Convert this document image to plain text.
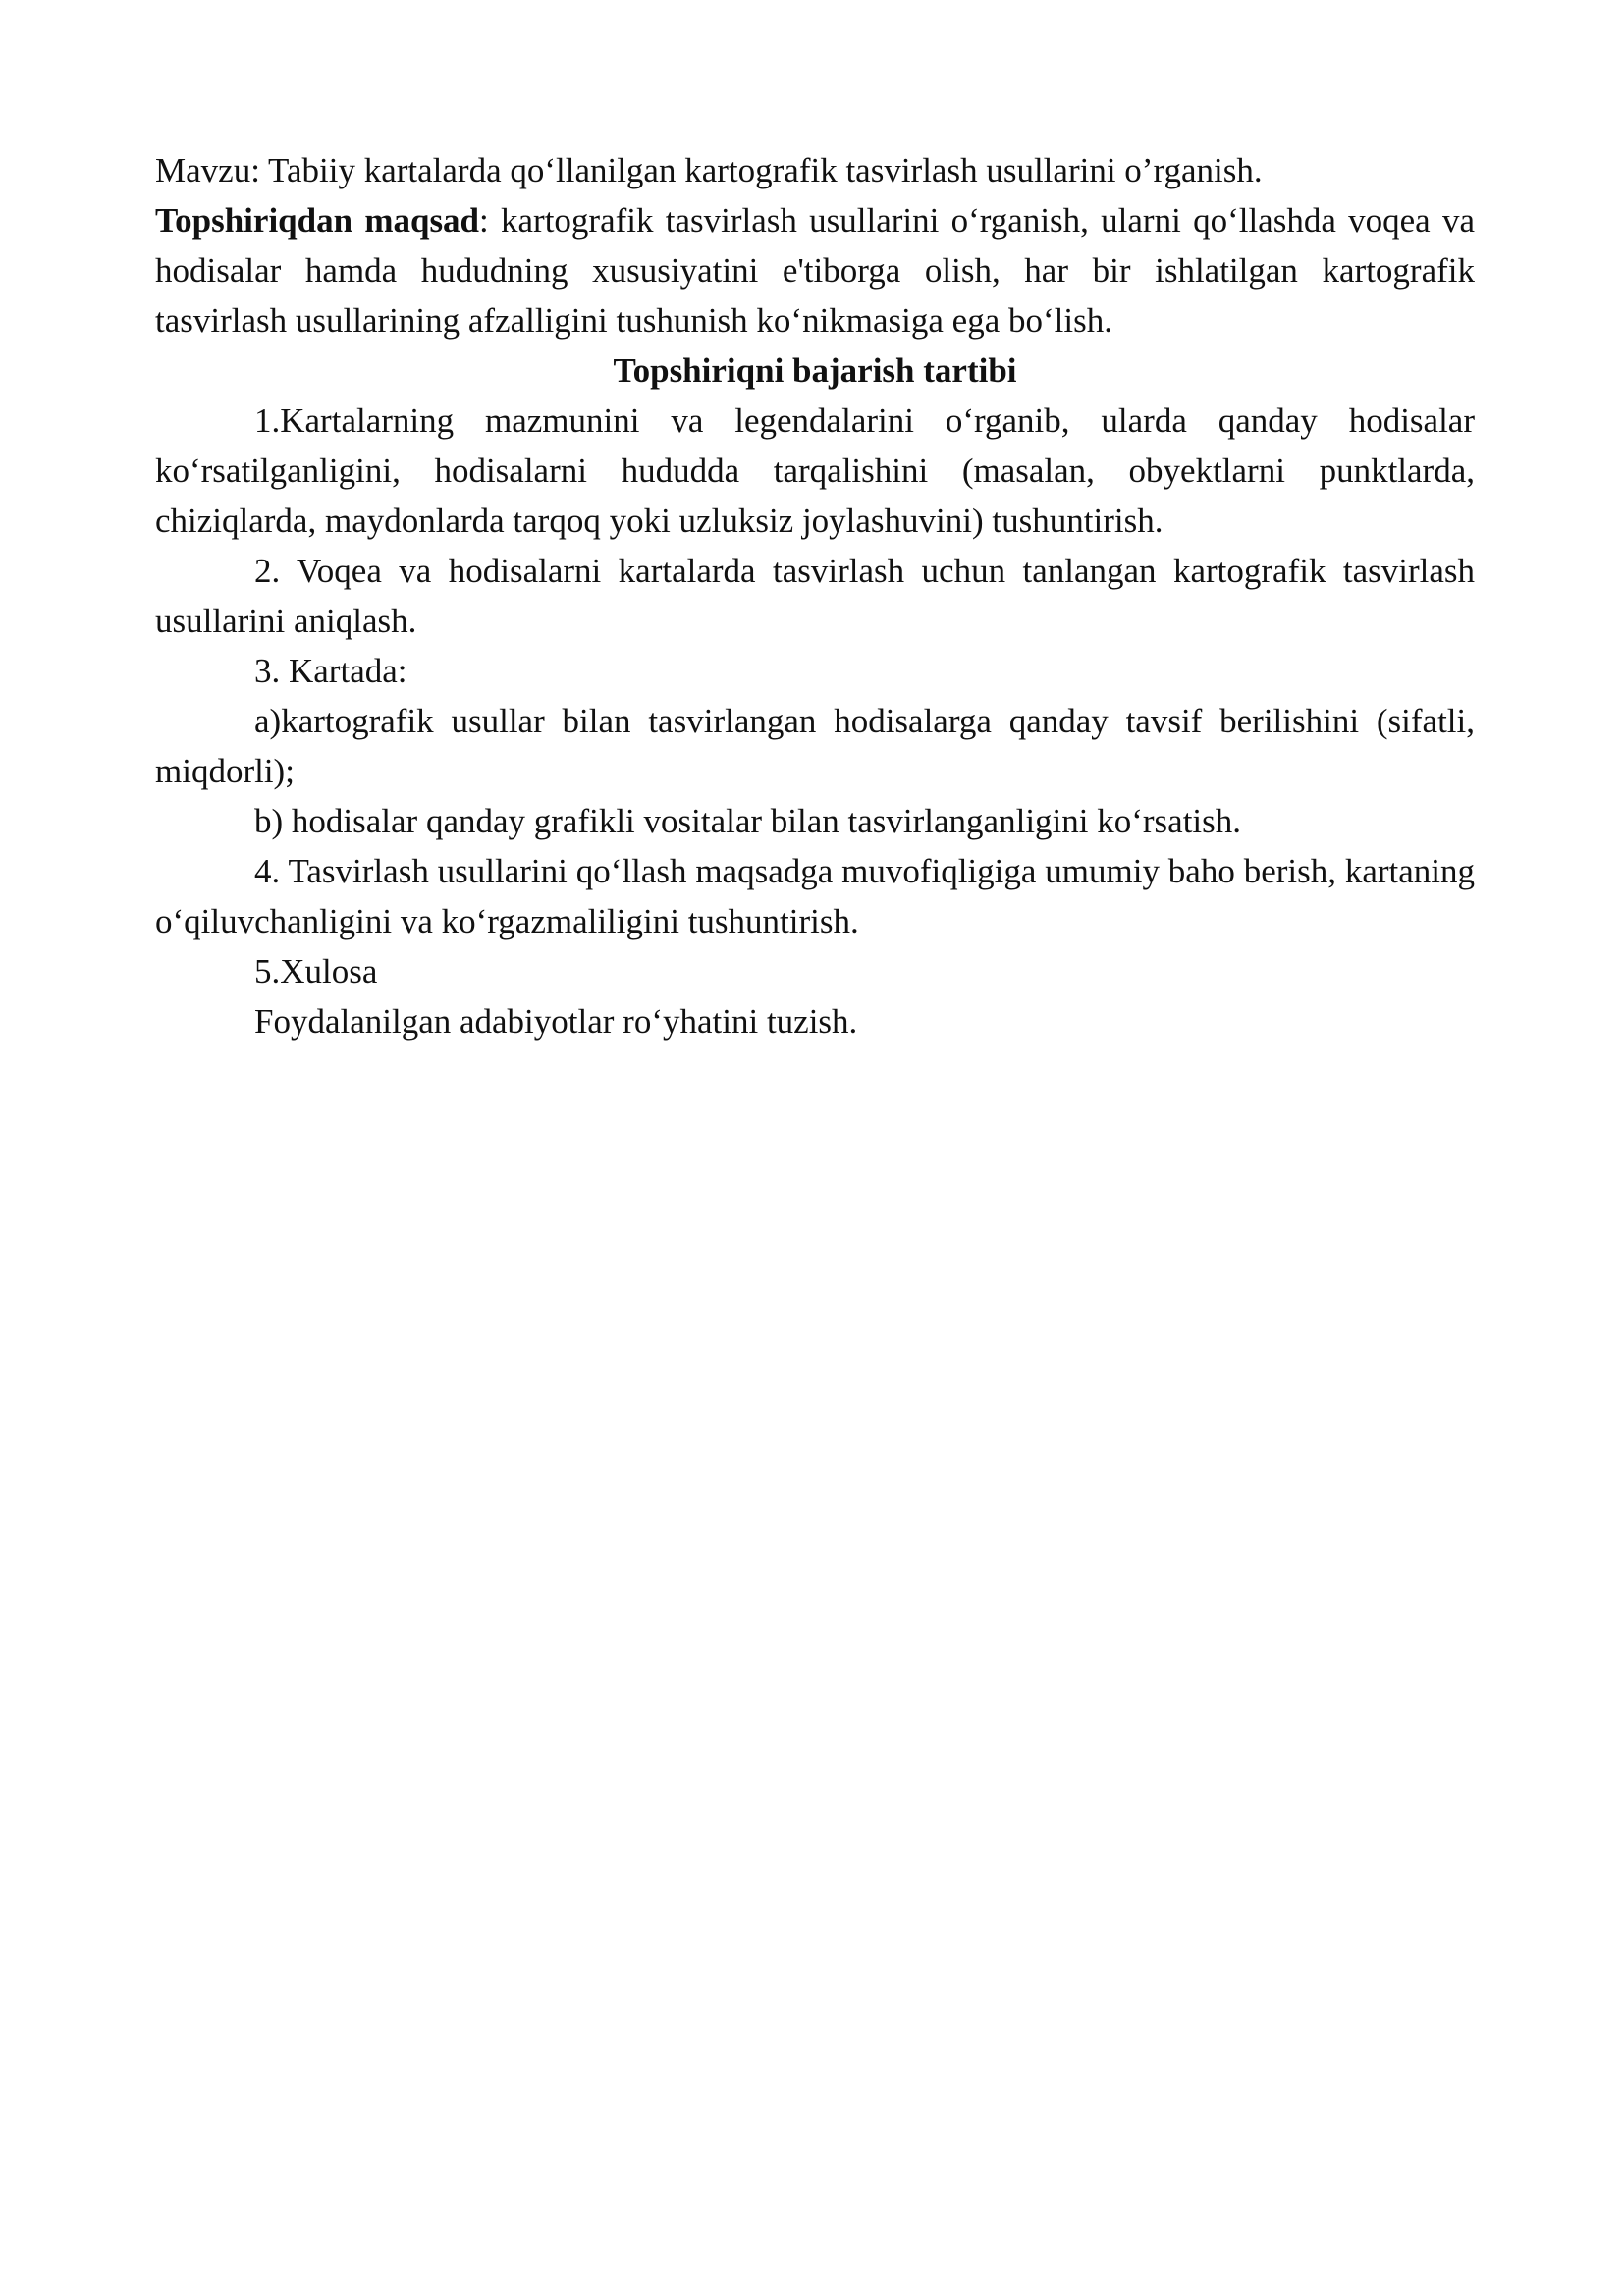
Mavzu: Tabiiy kartalarda qo‘llanilgan kartografik tasvirlash usullarini o’rganish.

Topshiriqdan maqsad: kartografik tasvirlash usullarini o‘rganish, ularni qo‘llashda voqea va hodisalar hamda hududning xususiyatini e'tiborga olish, har bir ishlatilgan kartografik tasvirlash usullarining afzalligini tushunish ko‘nikmasiga ega bo‘lish.

Topshiriqni bajarish tartibi

1.Kartalarning mazmunini va legendalarini o‘rganib, ularda qanday hodisalar ko‘rsatilganligini, hodisalarni hududda tarqalishini (masalan, obyektlarni punktlarda, chiziqlarda, maydonlarda tarqoq yoki uzluksiz joylashuvini) tushuntirish.

2. Voqea va hodisalarni kartalarda tasvirlash uchun tanlangan kartografik tasvirlash usullarini aniqlash.

3. Kartada:

a)kartografik usullar bilan tasvirlangan hodisalarga qanday tavsif berilishini (sifatli, miqdorli);

b) hodisalar qanday grafikli vositalar bilan tasvirlanganligini ko‘rsatish.

4. Tasvirlash usullarini qo‘llash maqsadga muvofiqligiga umumiy baho berish, kartaning o‘qiluvchanligini va ko‘rgazmaliligini tushuntirish.

5.Xulosa

Foydalanilgan adabiyotlar ro‘yhatini tuzish.
